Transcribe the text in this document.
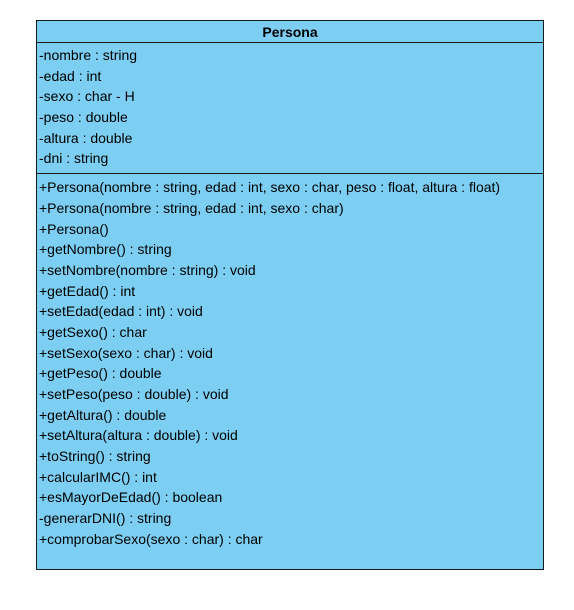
Persona
-nombre : string
-edad : int
-sexo : char - H
-peso : double
-altura : double
-dni : string
+Persona(nombre : string, edad : int, sexo : char, peso : float, altura : float)
+Persona(nombre : string, edad : int, sexo : char)
+Persona()
+getNombre() : string
+setNombre(nombre : string) : void
+getEdad() : int
+setEdad(edad : int) : void
+getSexo() : char
+setSexo(sexo : char) : void
+getPeso() : double
+setPeso(peso : double) : void
+getAltura() : double
+setAltura(altura : double) : void
+toString() : string
+calcularIMC() : int
+esMayorDeEdad() : boolean
-generarDNI() : string
+comprobarSexo(sexo : char) : char
